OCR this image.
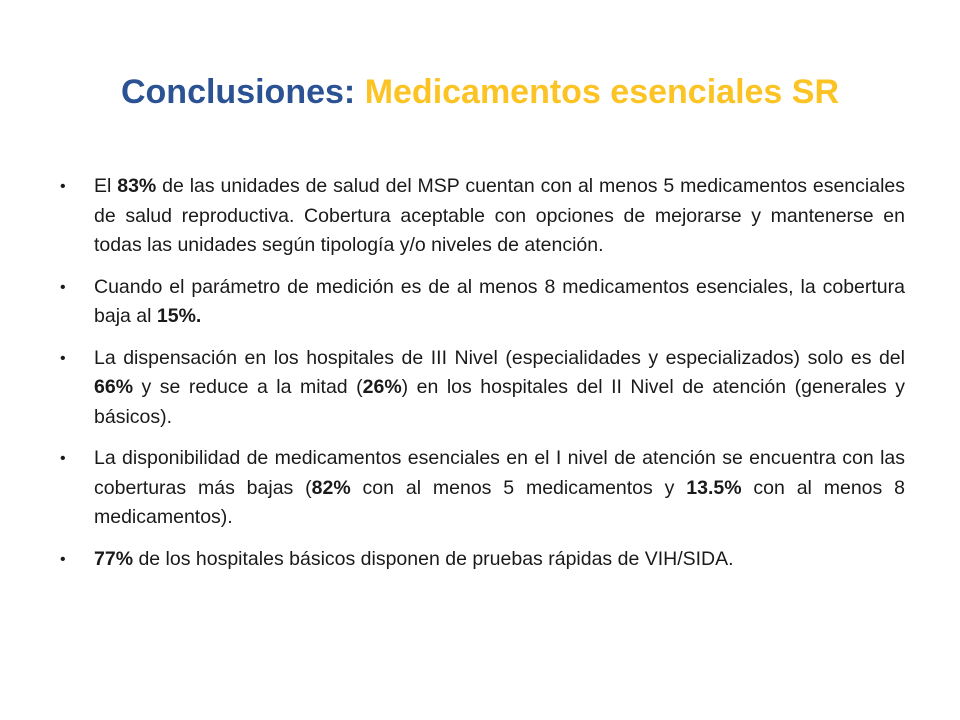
Conclusiones: Medicamentos esenciales SR
• El 83% de las unidades de salud del MSP cuentan con al menos 5 medicamentos esenciales de salud reproductiva. Cobertura aceptable con opciones de mejorarse y mantenerse en todas las unidades según tipología y/o niveles de atención.
• Cuando el parámetro de medición es de al menos 8 medicamentos esenciales, la cobertura baja al 15%.
• La dispensación en los hospitales de III Nivel (especialidades y especializados) solo es del 66% y se reduce a la mitad (26%) en los hospitales del II Nivel de atención (generales y básicos).
• La disponibilidad de medicamentos esenciales en el I nivel de atención se encuentra con las coberturas más bajas (82% con al menos 5 medicamentos y 13.5% con al menos 8 medicamentos).
• 77% de los hospitales básicos disponen de pruebas rápidas de VIH/SIDA.
